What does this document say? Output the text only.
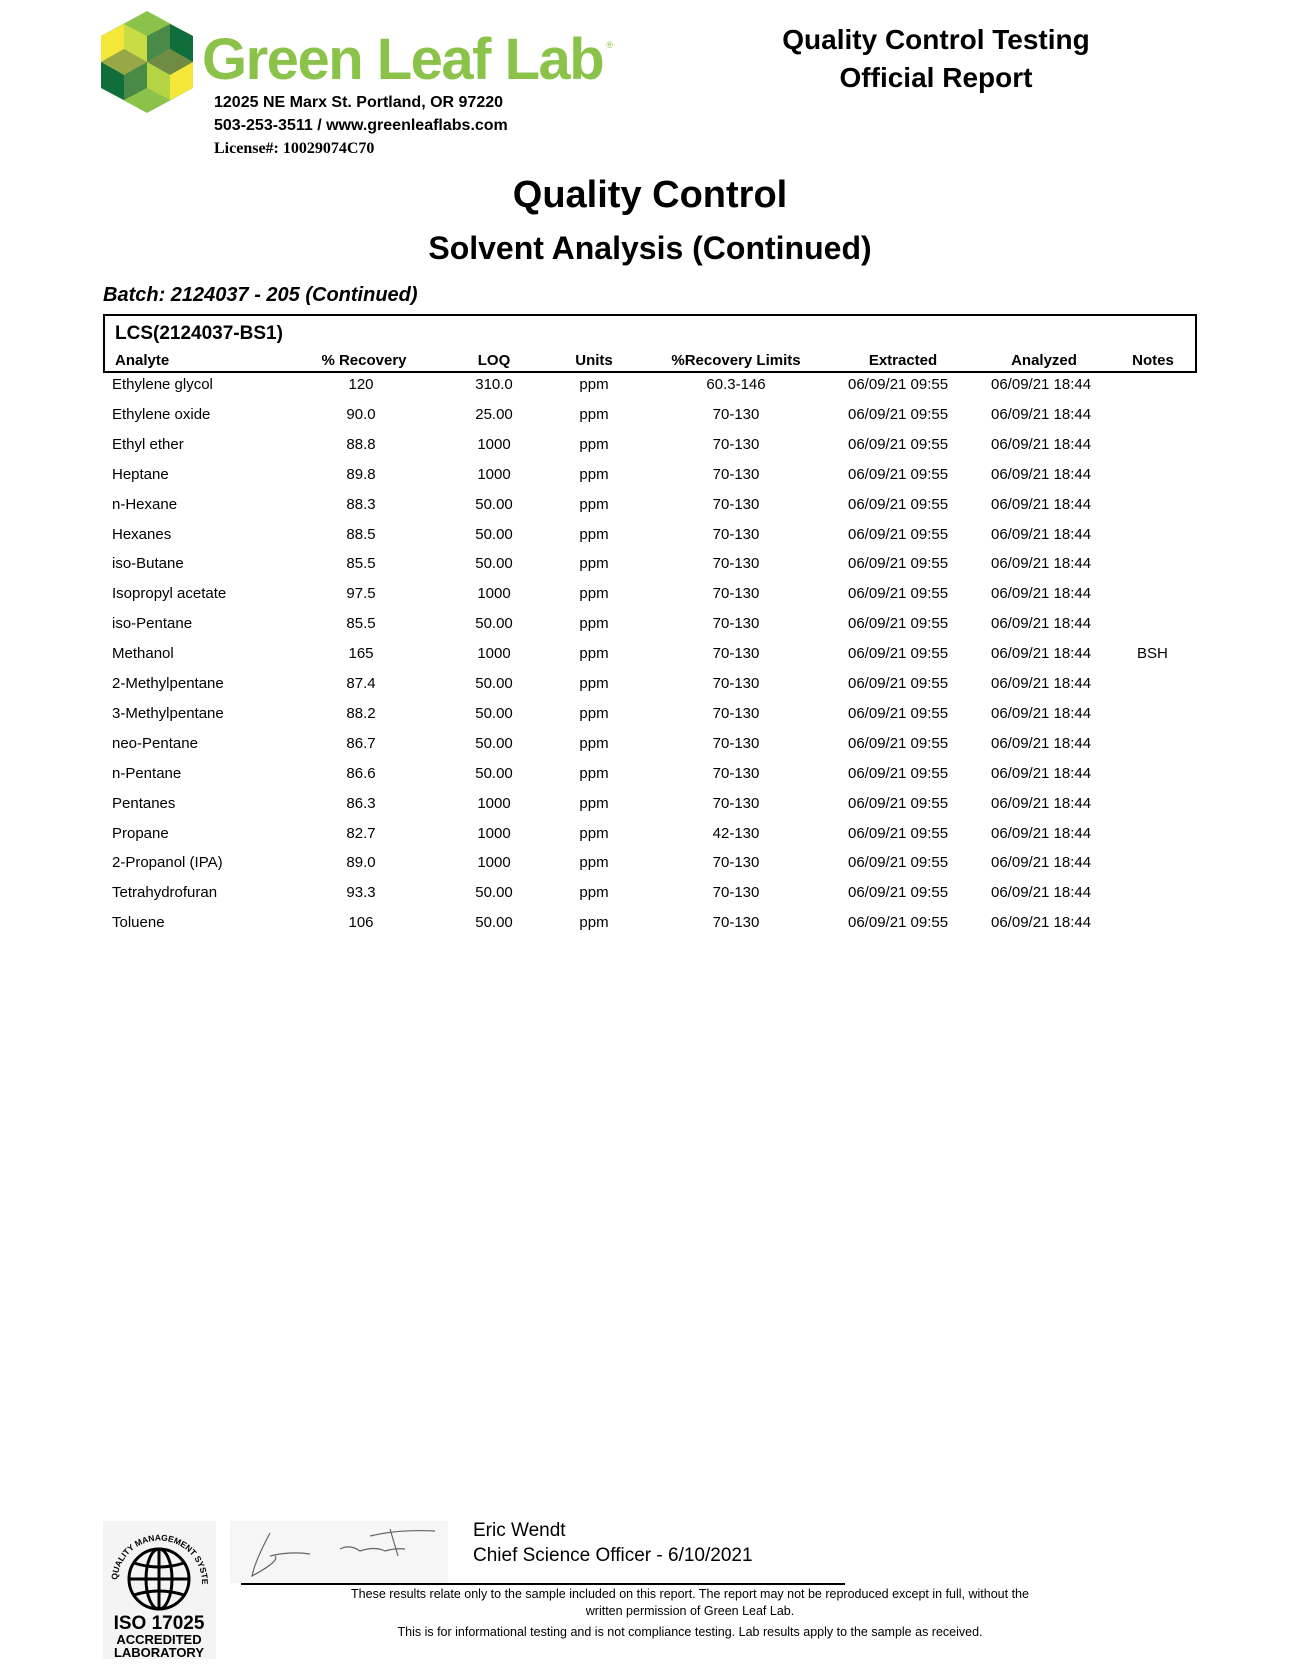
Green Leaf Lab ®
12025 NE Marx St. Portland, OR 97220
503-253-3511 / www.greenleaflabs.com
License#: 10029074C70
Quality Control Testing
Official Report
Quality Control
Solvent Analysis (Continued)
Batch: 2124037 - 205 (Continued)
LCS(2124037-BS1)
Analyte	% Recovery	LOQ	Units	%Recovery Limits	Extracted	Analyzed	Notes
Ethylene glycol	120	310.0	ppm	60.3-146	06/09/21 09:55	06/09/21 18:44
Ethylene oxide	90.0	25.00	ppm	70-130	06/09/21 09:55	06/09/21 18:44
Ethyl ether	88.8	1000	ppm	70-130	06/09/21 09:55	06/09/21 18:44
Heptane	89.8	1000	ppm	70-130	06/09/21 09:55	06/09/21 18:44
n-Hexane	88.3	50.00	ppm	70-130	06/09/21 09:55	06/09/21 18:44
Hexanes	88.5	50.00	ppm	70-130	06/09/21 09:55	06/09/21 18:44
iso-Butane	85.5	50.00	ppm	70-130	06/09/21 09:55	06/09/21 18:44
Isopropyl acetate	97.5	1000	ppm	70-130	06/09/21 09:55	06/09/21 18:44
iso-Pentane	85.5	50.00	ppm	70-130	06/09/21 09:55	06/09/21 18:44
Methanol	165	1000	ppm	70-130	06/09/21 09:55	06/09/21 18:44	BSH
2-Methylpentane	87.4	50.00	ppm	70-130	06/09/21 09:55	06/09/21 18:44
3-Methylpentane	88.2	50.00	ppm	70-130	06/09/21 09:55	06/09/21 18:44
neo-Pentane	86.7	50.00	ppm	70-130	06/09/21 09:55	06/09/21 18:44
n-Pentane	86.6	50.00	ppm	70-130	06/09/21 09:55	06/09/21 18:44
Pentanes	86.3	1000	ppm	70-130	06/09/21 09:55	06/09/21 18:44
Propane	82.7	1000	ppm	42-130	06/09/21 09:55	06/09/21 18:44
2-Propanol (IPA)	89.0	1000	ppm	70-130	06/09/21 09:55	06/09/21 18:44
Tetrahydrofuran	93.3	50.00	ppm	70-130	06/09/21 09:55	06/09/21 18:44
Toluene	106	50.00	ppm	70-130	06/09/21 09:55	06/09/21 18:44
QUALITY MANAGEMENT SYSTE
ISO 17025
ACCREDITED
LABORATORY
Eric Wendt
Chief Science Officer - 6/10/2021
These results relate only to the sample included on this report. The report may not be reproduced except in full, without the
written permission of Green Leaf Lab.
This is for informational testing and is not compliance testing. Lab results apply to the sample as received.
